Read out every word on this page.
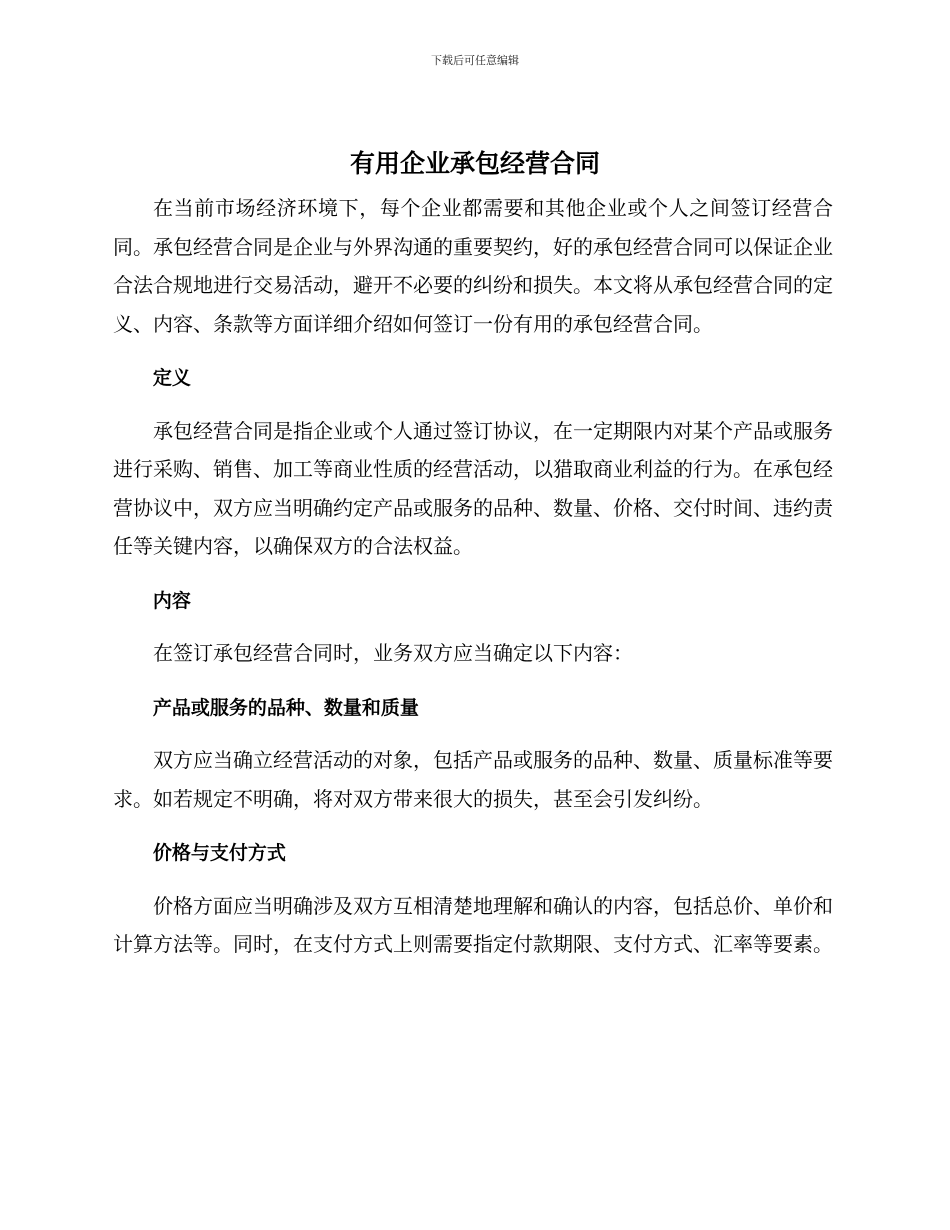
下载后可任意编辑
有用企业承包经营合同

在当前市场经济环境下，每个企业都需要和其他企业或个人之间签订经营合同。承包经营合同是企业与外界沟通的重要契约，好的承包经营合同可以保证企业合法合规地进行交易活动，避开不必要的纠纷和损失。本文将从承包经营合同的定义、内容、条款等方面详细介绍如何签订一份有用的承包经营合同。

定义

承包经营合同是指企业或个人通过签订协议，在一定期限内对某个产品或服务进行采购、销售、加工等商业性质的经营活动，以猎取商业利益的行为。在承包经营协议中，双方应当明确约定产品或服务的品种、数量、价格、交付时间、违约责任等关键内容，以确保双方的合法权益。

内容

在签订承包经营合同时，业务双方应当确定以下内容：

产品或服务的品种、数量和质量

双方应当确立经营活动的对象，包括产品或服务的品种、数量、质量标准等要求。如若规定不明确，将对双方带来很大的损失，甚至会引发纠纷。

价格与支付方式

价格方面应当明确涉及双方互相清楚地理解和确认的内容，包括总价、单价和计算方法等。同时，在支付方式上则需要指定付款期限、支付方式、汇率等要素。
